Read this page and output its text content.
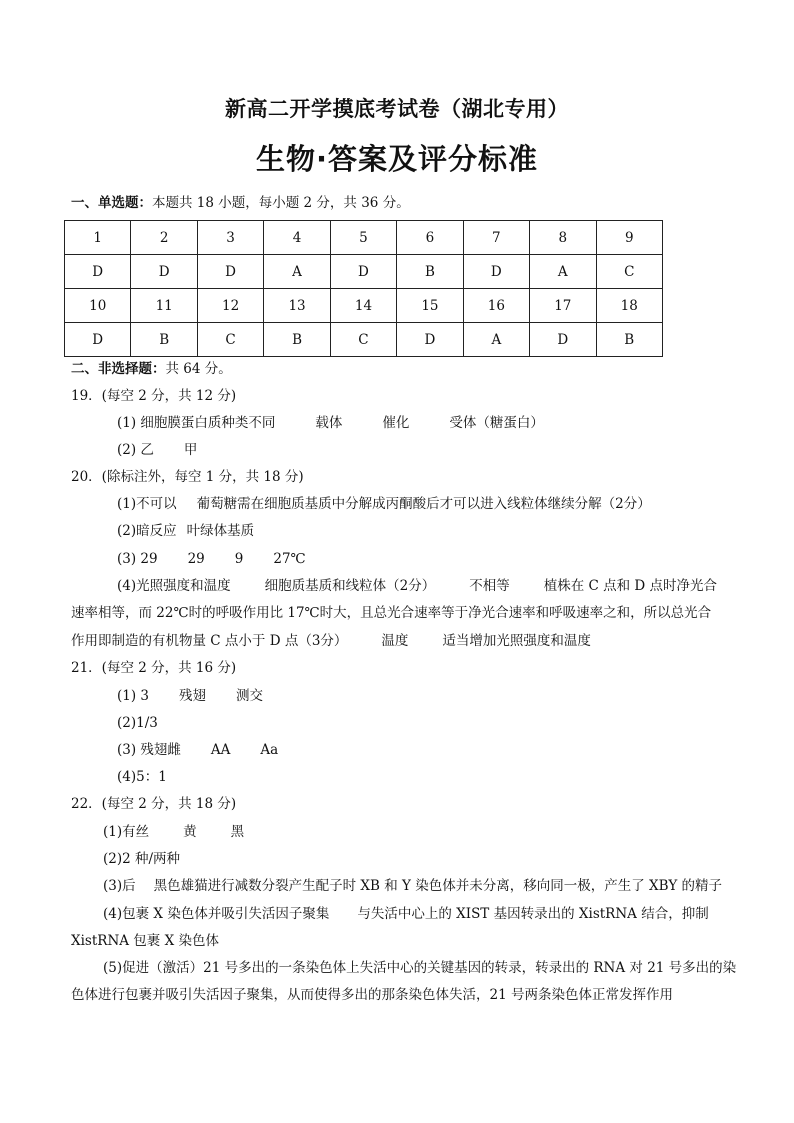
新高二开学摸底考试卷（湖北专用）
生物·答案及评分标准
一、单选题：本题共 18 小题，每小题 2 分，共 36 分。
1	2	3	4	5	6	7	8	9
D	D	D	A	D	B	D	A	C
10	11	12	13	14	15	16	17	18
D	B	C	B	C	D	A	D	B
二、非选择题：共 64 分。
19．(每空 2 分，共 12 分)
(1) 细胞膜蛋白质种类不同	载体	催化	受体（糖蛋白）
(2) 乙 甲
20．(除标注外，每空 1 分，共 18 分)
(1)不可以 葡萄糖需在细胞质基质中分解成丙酮酸后才可以进入线粒体继续分解（2分）
(2)暗反应 叶绿体基质
(3) 29 29 9 27℃
(4)光照强度和温度	细胞质基质和线粒体（2分）	不相等	植株在 C 点和 D 点时净光合
速率相等，而 22℃时的呼吸作用比 17℃时大，且总光合速率等于净光合速率和呼吸速率之和，所以总光合
作用即制造的有机物量 C 点小于 D 点（3分）	温度	适当增加光照强度和温度
21．(每空 2 分，共 16 分)
(1) 3 残翅 测交
(2)1/3
(3) 残翅雌 AA Aa
(4)5：1
22．(每空 2 分，共 18 分)
(1)有丝	黄	黑
(2)2 种/两种
(3)后 黑色雄猫进行减数分裂产生配子时 XB 和 Y 染色体并未分离，移向同一极，产生了 XBY 的精子
(4)包裹 X 染色体并吸引失活因子聚集 与失活中心上的 XIST 基因转录出的 XistRNA 结合，抑制
XistRNA 包裹 X 染色体
(5)促进（激活）21 号多出的一条染色体上失活中心的关键基因的转录，转录出的 RNA 对 21 号多出的染
色体进行包裹并吸引失活因子聚集，从而使得多出的那条染色体失活，21 号两条染色体正常发挥作用
